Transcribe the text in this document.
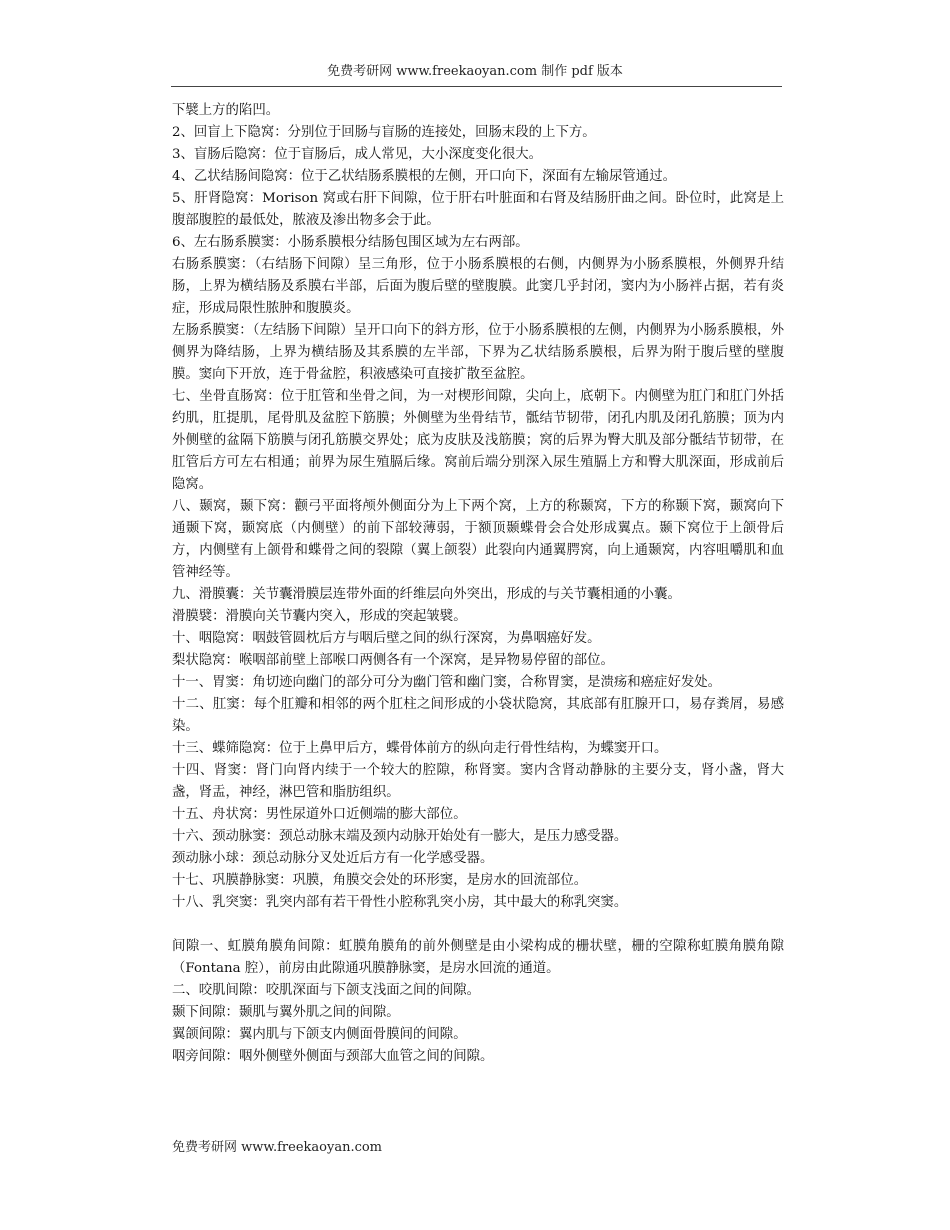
免费考研网 www.freekaoyan.com 制作 pdf 版本

下襞上方的陷凹。

2、回盲上下隐窝：分别位于回肠与盲肠的连接处，回肠末段的上下方。

3、盲肠后隐窝：位于盲肠后，成人常见，大小深度变化很大。

4、乙状结肠间隐窝：位于乙状结肠系膜根的左侧，开口向下，深面有左输尿管通过。

5、肝肾隐窝：Morison 窝或右肝下间隙，位于肝右叶脏面和右肾及结肠肝曲之间。卧位时，此窝是上腹部腹腔的最低处，脓液及渗出物多会于此。

6、左右肠系膜窦：小肠系膜根分结肠包围区域为左右两部。

右肠系膜窦：（右结肠下间隙）呈三角形，位于小肠系膜根的右侧，内侧界为小肠系膜根，外侧界升结肠，上界为横结肠及系膜右半部，后面为腹后壁的壁腹膜。此窦几乎封闭，窦内为小肠袢占据，若有炎症，形成局限性脓肿和腹膜炎。

左肠系膜窦：（左结肠下间隙）呈开口向下的斜方形，位于小肠系膜根的左侧，内侧界为小肠系膜根，外侧界为降结肠，上界为横结肠及其系膜的左半部，下界为乙状结肠系膜根，后界为附于腹后壁的壁腹膜。窦向下开放，连于骨盆腔，积液感染可直接扩散至盆腔。

七、坐骨直肠窝：位于肛管和坐骨之间，为一对楔形间隙，尖向上，底朝下。内侧壁为肛门和肛门外括约肌，肛提肌，尾骨肌及盆腔下筋膜；外侧壁为坐骨结节，骶结节韧带，闭孔内肌及闭孔筋膜；顶为内外侧壁的盆隔下筋膜与闭孔筋膜交界处；底为皮肤及浅筋膜；窝的后界为臀大肌及部分骶结节韧带，在肛管后方可左右相通；前界为尿生殖膈后缘。窝前后端分别深入尿生殖膈上方和臀大肌深面，形成前后隐窝。

八、颞窝，颞下窝：颧弓平面将颅外侧面分为上下两个窝，上方的称颞窝，下方的称颞下窝，颞窝向下通颞下窝，颞窝底（内侧壁）的前下部较薄弱，于额顶颞蝶骨会合处形成翼点。颞下窝位于上颌骨后方，内侧壁有上颌骨和蝶骨之间的裂隙（翼上颌裂）此裂向内通翼腭窝，向上通颞窝，内容咀嚼肌和血管神经等。

九、滑膜囊：关节囊滑膜层连带外面的纤维层向外突出，形成的与关节囊相通的小囊。

滑膜襞：滑膜向关节囊内突入，形成的突起皱襞。

十、咽隐窝：咽鼓管圆枕后方与咽后壁之间的纵行深窝，为鼻咽癌好发。

梨状隐窝：喉咽部前壁上部喉口两侧各有一个深窝，是异物易停留的部位。

十一、胃窦：角切迹向幽门的部分可分为幽门管和幽门窦，合称胃窦，是溃疡和癌症好发处。

十二、肛窦：每个肛瓣和相邻的两个肛柱之间形成的小袋状隐窝，其底部有肛腺开口，易存粪屑，易感染。

十三、蝶筛隐窝：位于上鼻甲后方，蝶骨体前方的纵向走行骨性结构，为蝶窦开口。

十四、肾窦：肾门向肾内续于一个较大的腔隙，称肾窦。窦内含肾动静脉的主要分支，肾小盏，肾大盏，肾盂，神经，淋巴管和脂肪组织。

十五、舟状窝：男性尿道外口近侧端的膨大部位。

十六、颈动脉窦：颈总动脉末端及颈内动脉开始处有一膨大，是压力感受器。

颈动脉小球：颈总动脉分叉处近后方有一化学感受器。

十七、巩膜静脉窦：巩膜，角膜交会处的环形窦，是房水的回流部位。

十八、乳突窦：乳突内部有若干骨性小腔称乳突小房，其中最大的称乳突窦。

间隙一、虹膜角膜角间隙：虹膜角膜角的前外侧壁是由小梁构成的栅状壁，栅的空隙称虹膜角膜角隙（Fontana 腔），前房由此隙通巩膜静脉窦，是房水回流的通道。

二、咬肌间隙：咬肌深面与下颌支浅面之间的间隙。

颞下间隙：颞肌与翼外肌之间的间隙。

翼颌间隙：翼内肌与下颌支内侧面骨膜间的间隙。

咽旁间隙：咽外侧壁外侧面与颈部大血管之间的间隙。

免费考研网 www.freekaoyan.com
